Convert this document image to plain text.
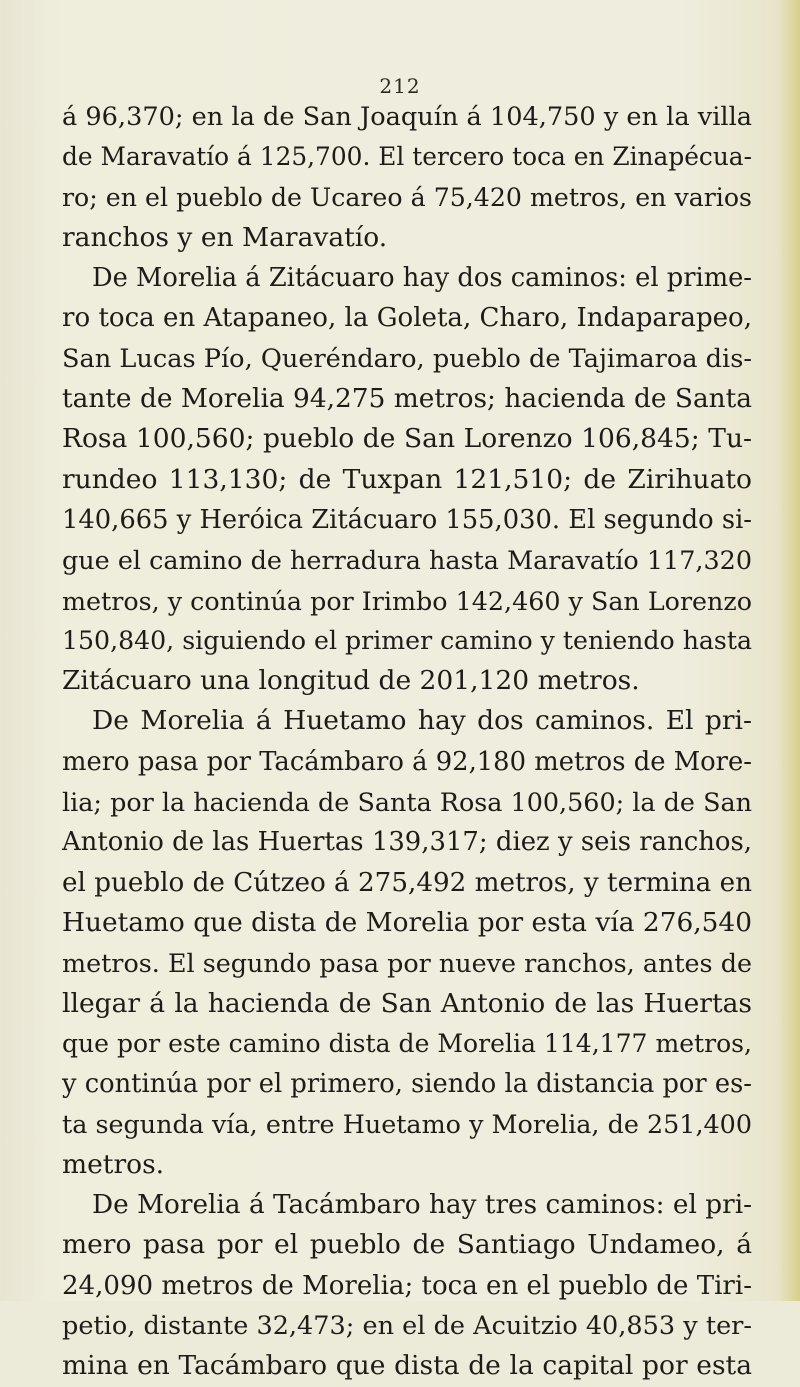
212
á 96,370; en la de San Joaquín á 104,750 y en la villa
de Maravatío á 125,700. El tercero toca en Zinapécua-
ro; en el pueblo de Ucareo á 75,420 metros, en varios
ranchos y en Maravatío.
De Morelia á Zitácuaro hay dos caminos: el prime-
ro toca en Atapaneo, la Goleta, Charo, Indaparapeo,
San Lucas Pío, Queréndaro, pueblo de Tajimaroa dis-
tante de Morelia 94,275 metros; hacienda de Santa
Rosa 100,560; pueblo de San Lorenzo 106,845; Tu-
rundeo 113,130; de Tuxpan 121,510; de Zirihuato
140,665 y Heróica Zitácuaro 155,030. El segundo si-
gue el camino de herradura hasta Maravatío 117,320
metros, y continúa por Irimbo 142,460 y San Lorenzo
150,840, siguiendo el primer camino y teniendo hasta
Zitácuaro una longitud de 201,120 metros.
De Morelia á Huetamo hay dos caminos. El pri-
mero pasa por Tacámbaro á 92,180 metros de More-
lia; por la hacienda de Santa Rosa 100,560; la de San
Antonio de las Huertas 139,317; diez y seis ranchos,
el pueblo de Cútzeo á 275,492 metros, y termina en
Huetamo que dista de Morelia por esta vía 276,540
metros. El segundo pasa por nueve ranchos, antes de
llegar á la hacienda de San Antonio de las Huertas
que por este camino dista de Morelia 114,177 metros,
y continúa por el primero, siendo la distancia por es-
ta segunda vía, entre Huetamo y Morelia, de 251,400
metros.
De Morelia á Tacámbaro hay tres caminos: el pri-
mero pasa por el pueblo de Santiago Undameo, á
24,090 metros de Morelia; toca en el pueblo de Tiri-
petio, distante 32,473; en el de Acuitzio 40,853 y ter-
mina en Tacámbaro que dista de la capital por esta
